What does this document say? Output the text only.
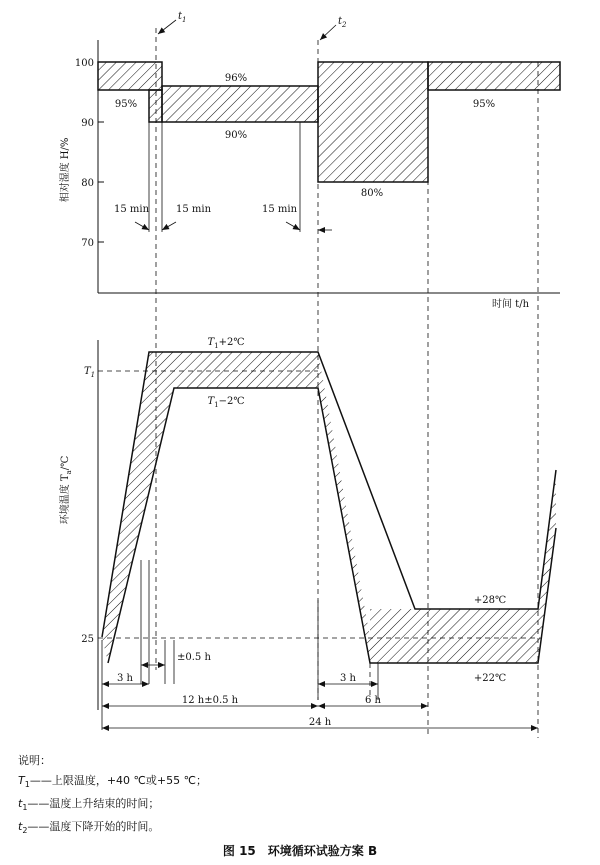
100
90
80
70
相对湿度 H/%
95%
96%
90%
80%
95%
15 min	15 min	15 min
$t_1$	$t_2$
时间 t/h
环境温度 $T_a/℃$
$T_1$
25
$T_1+2℃$
$T_1-2℃$
+28℃
+22℃
±0.5 h
3 h
12 h±0.5 h
3 h
6 h
24 h
说明：
$T_1——$上限温度，+40 ℃或+55 ℃；
$t_1——$温度上升结束的时间；
$t_2——$温度下降开始的时间。
图 15　环境循环试验方案 B
